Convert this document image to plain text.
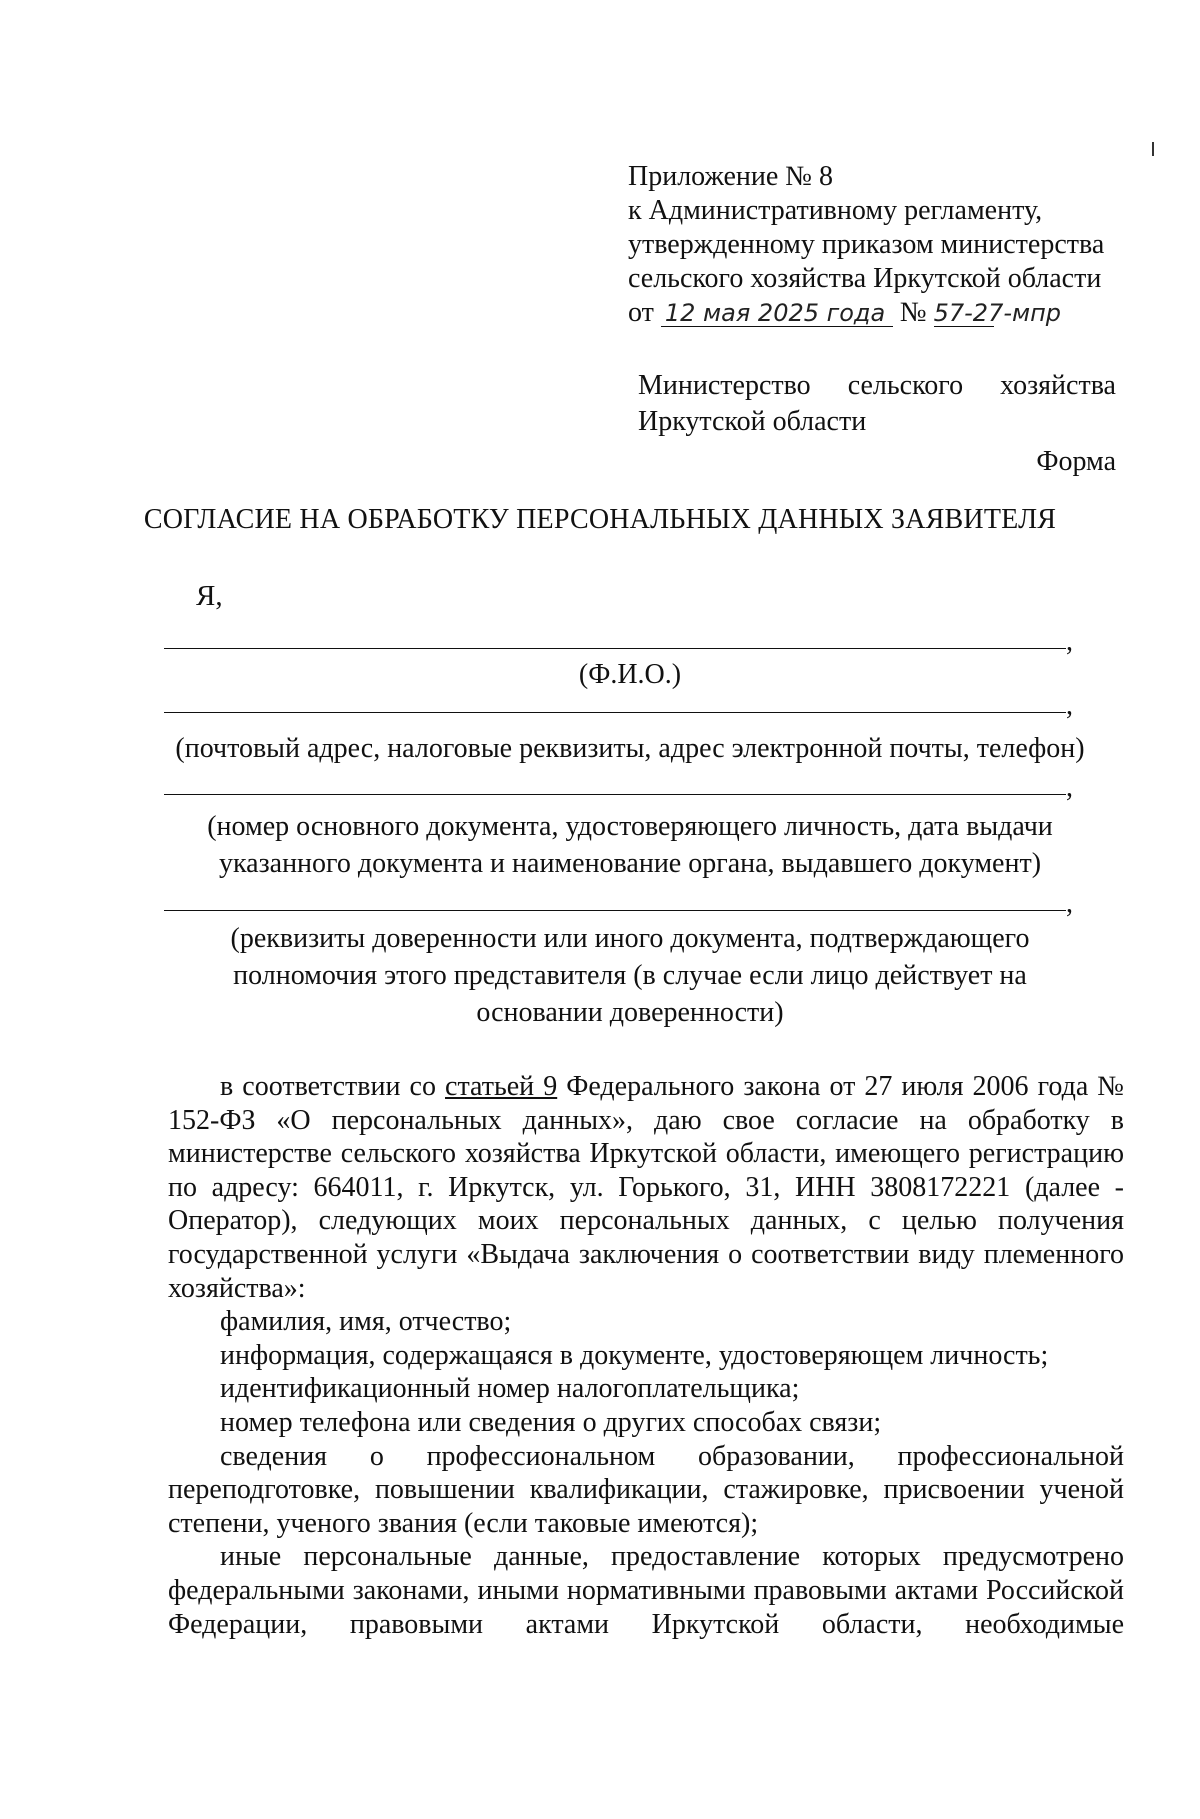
Приложение № 8
к Административному регламенту,
утвержденному приказом министерства
сельского хозяйства Иркутской области
от 12 мая 2025 года № 57-27-мпр
Министерство сельского хозяйства
Иркутской области
Форма
СОГЛАСИЕ НА ОБРАБОТКУ ПЕРСОНАЛЬНЫХ ДАННЫХ ЗАЯВИТЕЛЯ
Я,
,
(Ф.И.О.)
,
(почтовый адрес, налоговые реквизиты, адрес электронной почты, телефон)
,
(номер основного документа, удостоверяющего личность, дата выдачи
указанного документа и наименование органа, выдавшего документ)
,
(реквизиты доверенности или иного документа, подтверждающего
полномочия этого представителя (в случае если лицо действует на
основании доверенности)

в соответствии со статьей 9 Федерального закона от 27 июля 2006 года № 152-ФЗ «О персональных данных», даю свое согласие на обработку в министерстве сельского хозяйства Иркутской области, имеющего регистрацию по адресу: 664011, г. Иркутск, ул. Горького, 31, ИНН 3808172221 (далее - Оператор), следующих моих персональных данных, с целью получения государственной услуги «Выдача заключения о соответствии виду племенного хозяйства»:

фамилия, имя, отчество;

информация, содержащаяся в документе, удостоверяющем личность;

идентификационный номер налогоплательщика;

номер телефона или сведения о других способах связи;

сведения о профессиональном образовании, профессиональной переподготовке, повышении квалификации, стажировке, присвоении ученой степени, ученого звания (если таковые имеются);

иные персональные данные, предоставление которых предусмотрено федеральными законами, иными нормативными правовыми актами Российской Федерации, правовыми актами Иркутской области, необходимые
